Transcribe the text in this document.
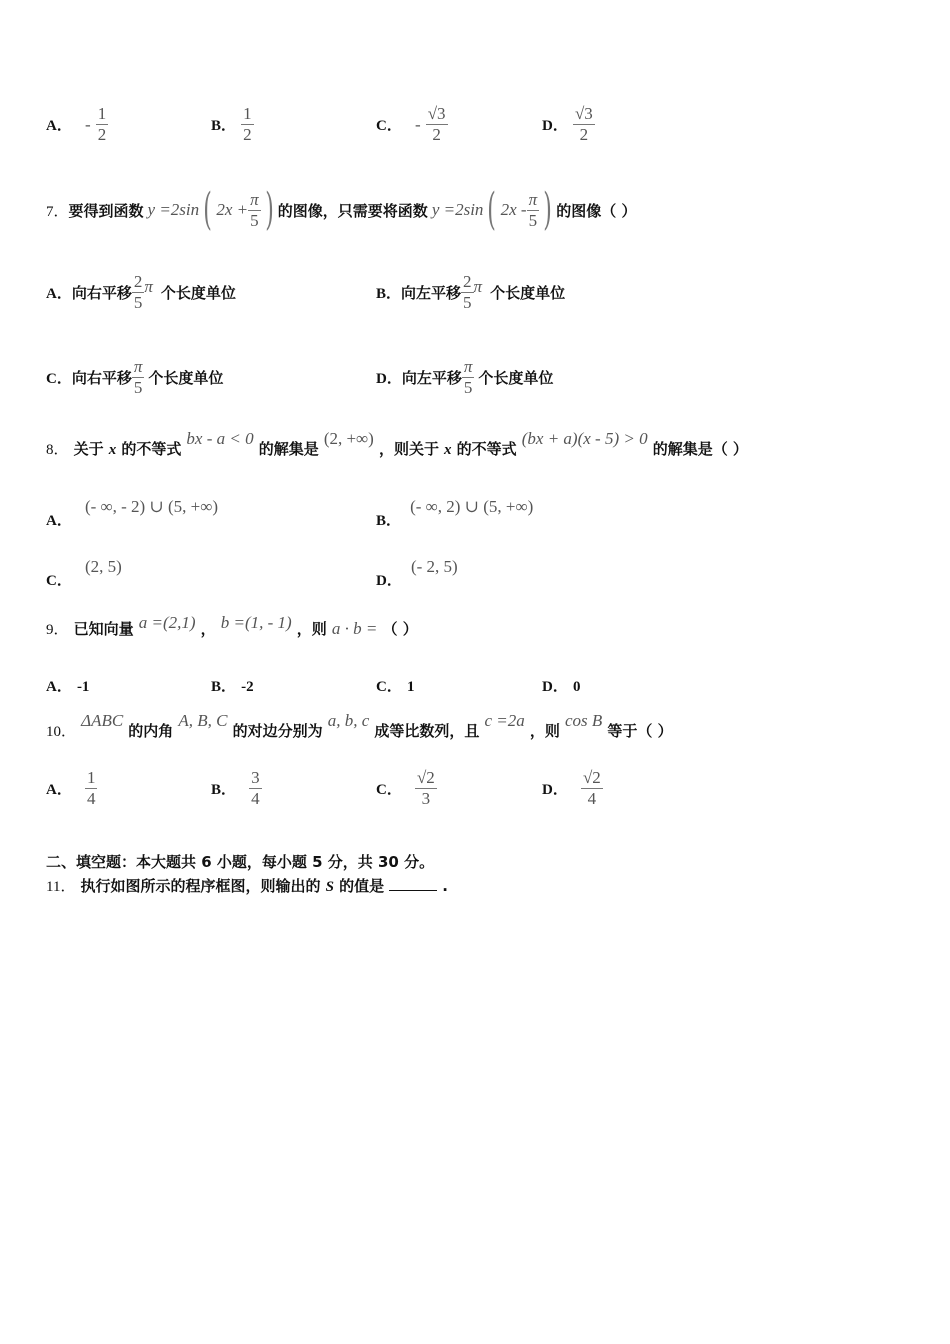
A． - $\frac{1}{2}$	B． $\frac{1}{2}$	C． - $\frac{√3}{2}$	D． $\frac{√3}{2}$
7． 要得到函数 y =2sin ( $2x + \frac{\pi}{5}$ ) 的图像，只需要将函数 y =2sin ( $2x - \frac{\pi}{5}$ ) 的图像（ ）
A． 向右平移 $\frac{2}{5}$ π 个长度单位	B． 向左平移 $\frac{2}{5}$ π 个长度单位
C． 向右平移 $\frac{\pi}{5}$ 个长度单位	D． 向左平移 $\frac{\pi}{5}$ 个长度单位
8． 关于 x 的不等式 bx - a < 0 的解集是 (2, +∞) ，则关于 x 的不等式 (bx + a)(x - 5) > 0 的解集是（ ）
A． (- ∞, - 2) ∪ (5, +∞)
B． (- ∞, 2) ∪ (5, +∞)
C． (2, 5)
D． (- 2, 5)
9． 已知向量 a =(2,1) ， b =(1, - 1) ，则 a · b = （ ）
A． -1	B． -2	C． 1	D． 0
10． ΔABC 的内角 A, B, C 的对边分别为 a, b, c 成等比数列，且 c =2a ，则 cos B 等于（ ）
A． $\frac{1}{4}$	B． $\frac{3}{4}$	C． $\frac{√2}{3}$	D． $\frac{√2}{4}$
二、填空题：本大题共 6 小题，每小题 5 分，共 30 分。
11． 执行如图所示的程序框图，则输出的 S 的值是	.
